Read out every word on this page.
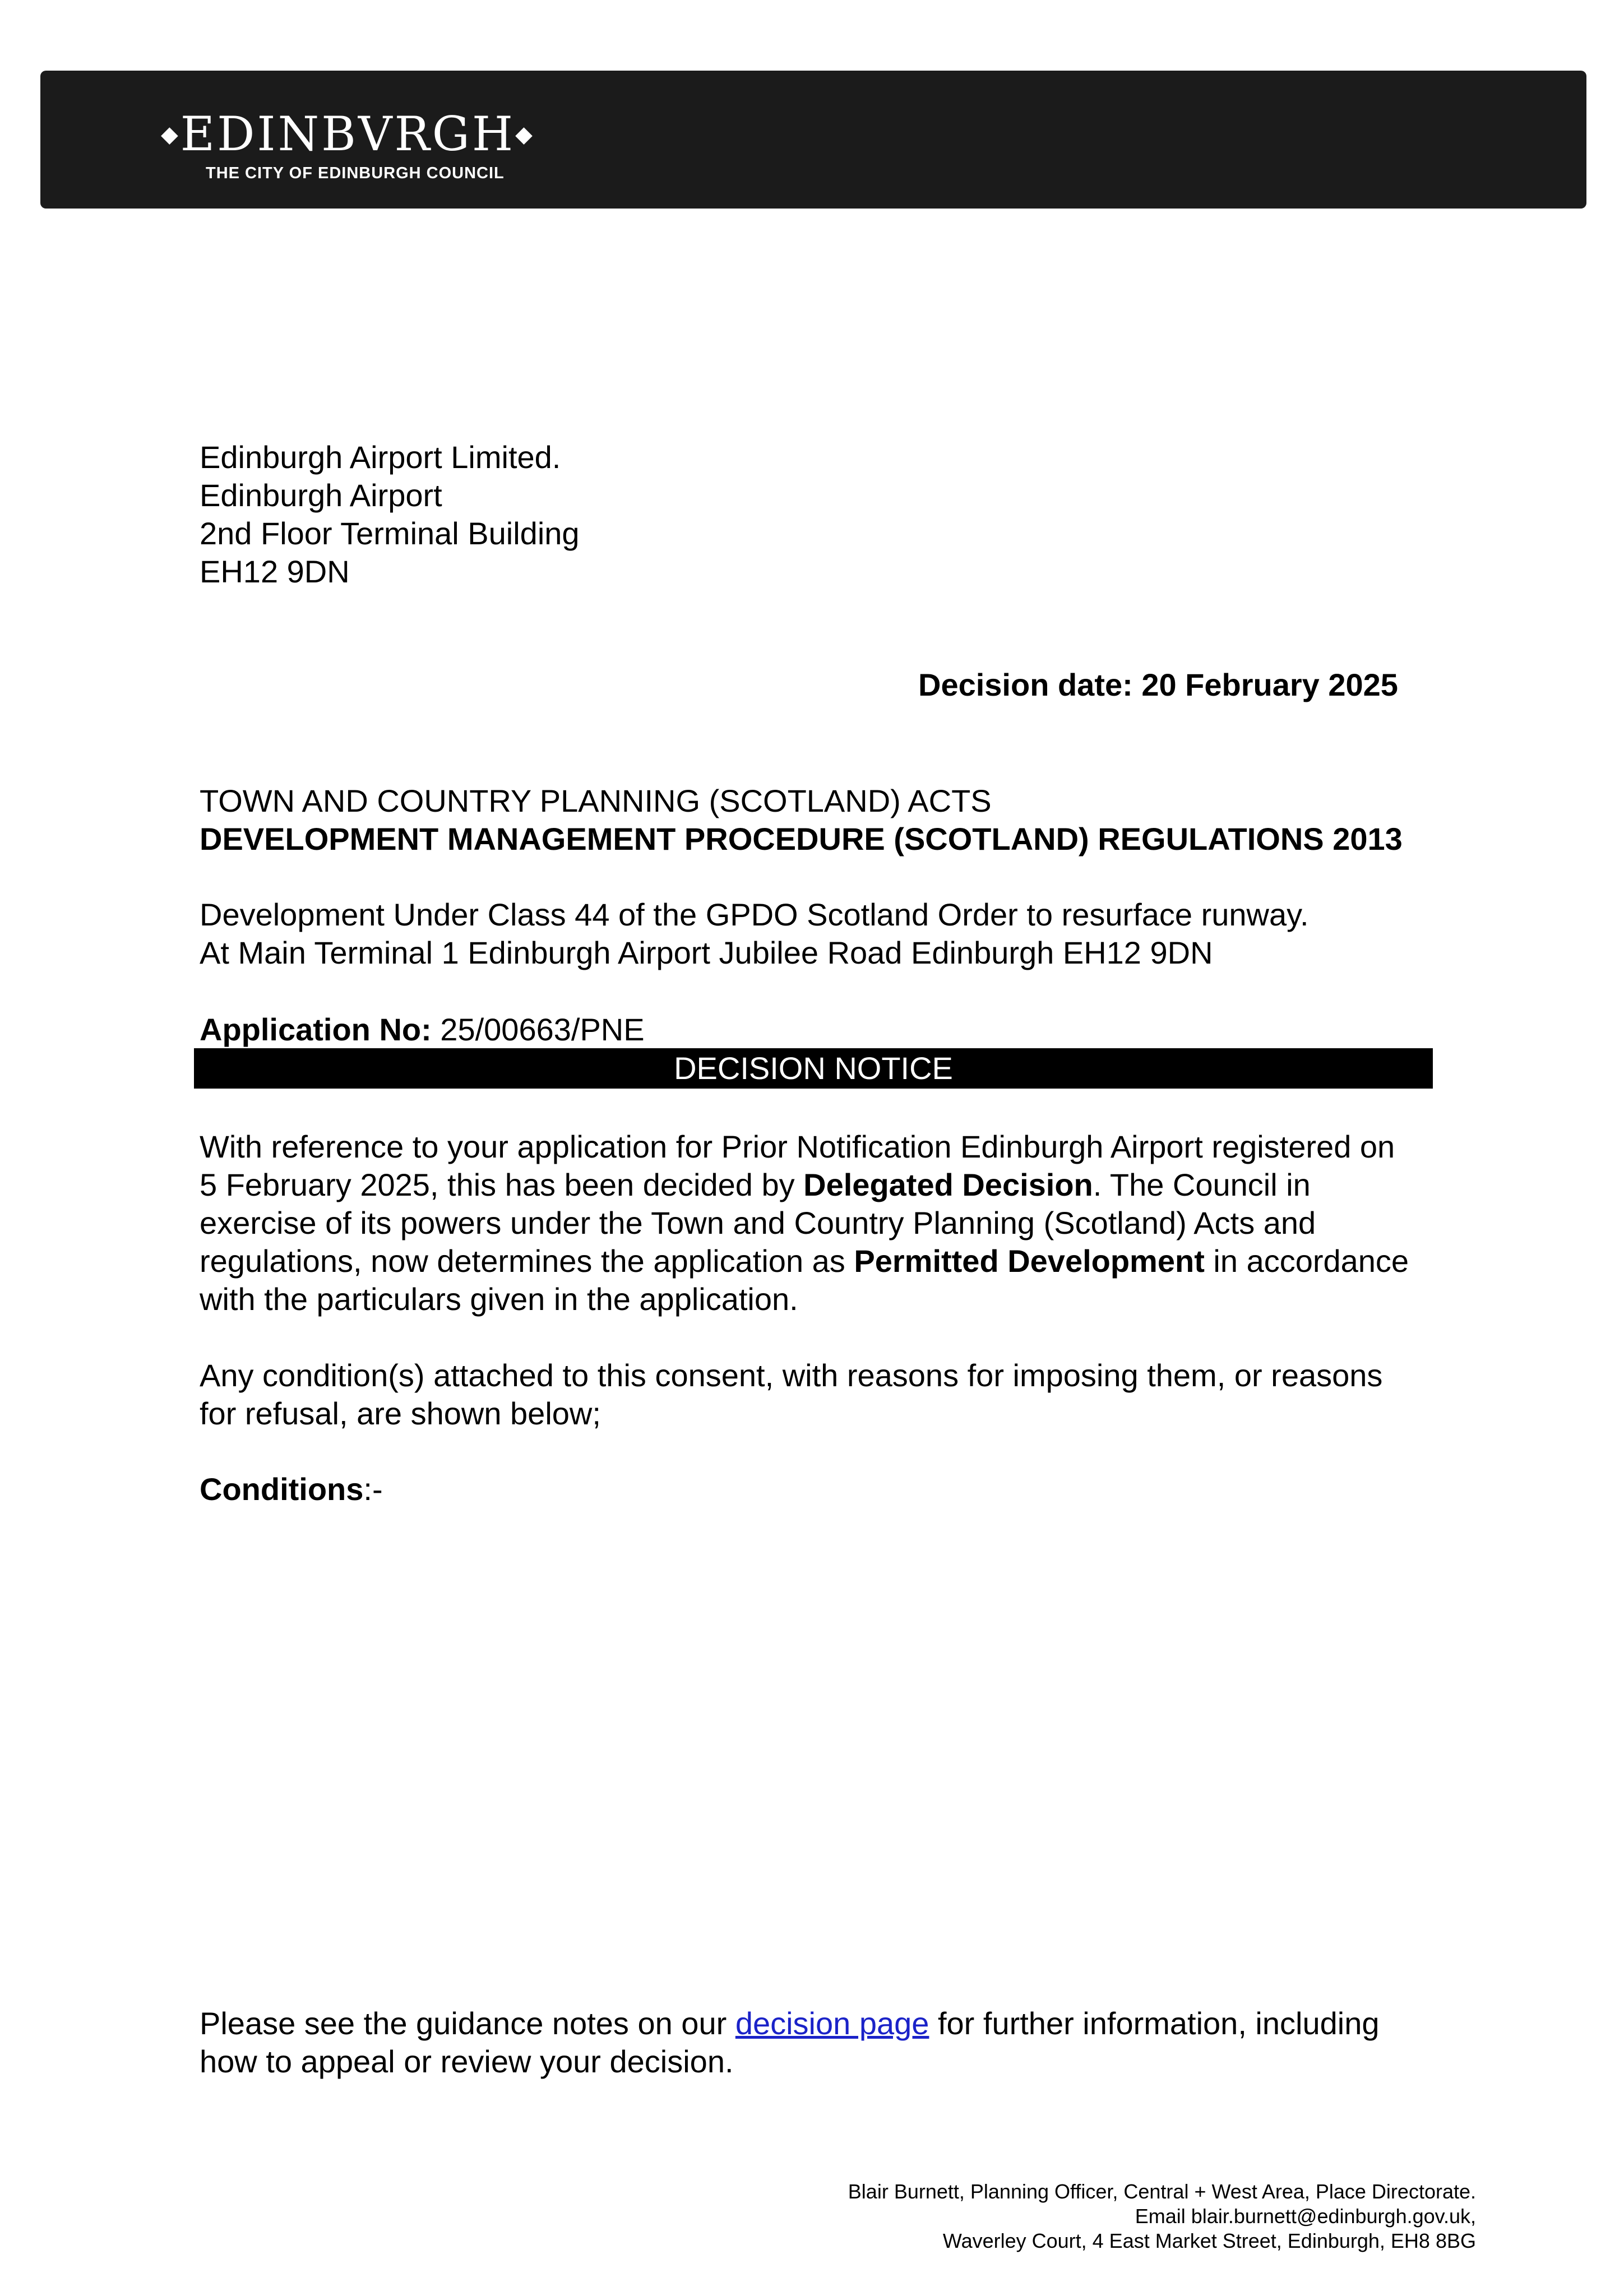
◆EDINBVRGH◆
THE CITY OF EDINBURGH COUNCIL
Edinburgh Airport Limited.
Edinburgh Airport
2nd Floor Terminal Building
EH12 9DN
Decision date: 20 February 2025
TOWN AND COUNTRY PLANNING (SCOTLAND) ACTS
DEVELOPMENT MANAGEMENT PROCEDURE (SCOTLAND) REGULATIONS 2013
Development Under Class 44 of the GPDO Scotland Order to resurface runway.
At Main Terminal 1 Edinburgh Airport Jubilee Road Edinburgh EH12 9DN
Application No: 25/00663/PNE
DECISION NOTICE
With reference to your application for Prior Notification Edinburgh Airport registered on
5 February 2025, this has been decided by Delegated Decision. The Council in
exercise of its powers under the Town and Country Planning (Scotland) Acts and
regulations, now determines the application as Permitted Development in accordance
with the particulars given in the application.
Any condition(s) attached to this consent, with reasons for imposing them, or reasons
for refusal, are shown below;
Conditions:-
Please see the guidance notes on our decision page for further information, including
how to appeal or review your decision.
Blair Burnett, Planning Officer, Central + West Area, Place Directorate.
Email blair.burnett@edinburgh.gov.uk,
Waverley Court, 4 East Market Street, Edinburgh, EH8 8BG
